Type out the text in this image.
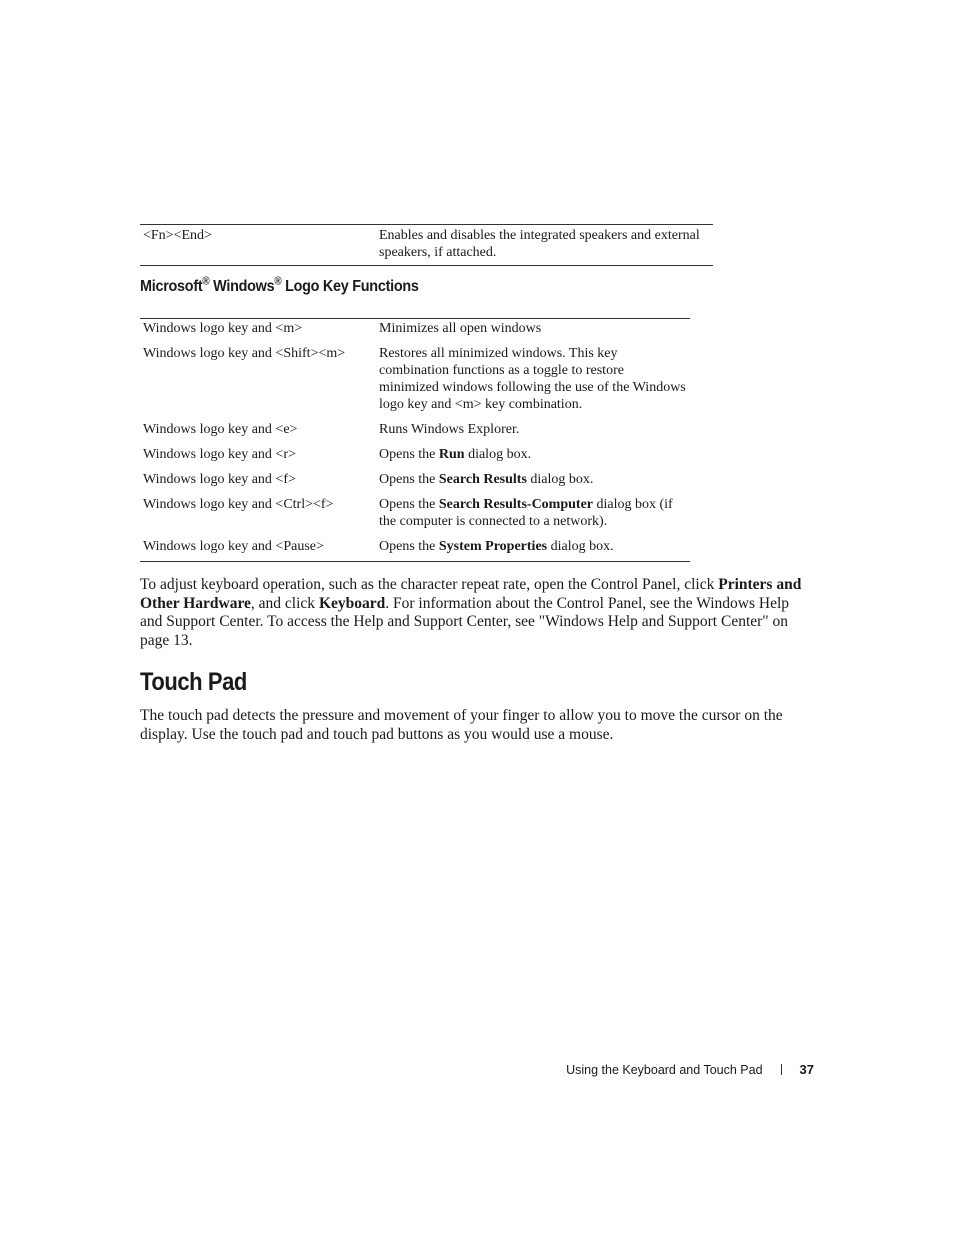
<Fn><End>	Enables and disables the integrated speakers and external speakers, if attached.
Microsoft® Windows® Logo Key Functions
Windows logo key and <m>	Minimizes all open windows
Windows logo key and <Shift><m>	Restores all minimized windows. This key combination functions as a toggle to restore minimized windows following the use of the Windows logo key and <m> key combination.
Windows logo key and <e>	Runs Windows Explorer.
Windows logo key and <r>	Opens the Run dialog box.
Windows logo key and <f>	Opens the Search Results dialog box.
Windows logo key and <Ctrl><f>	Opens the Search Results-Computer dialog box (if the computer is connected to a network).
Windows logo key and <Pause>	Opens the System Properties dialog box.

To adjust keyboard operation, such as the character repeat rate, open the Control Panel, click Printers and Other Hardware, and click Keyboard. For information about the Control Panel, see the Windows Help and Support Center. To access the Help and Support Center, see "Windows Help and Support Center" on page 13.

Touch Pad

The touch pad detects the pressure and movement of your finger to allow you to move the cursor on the display. Use the touch pad and touch pad buttons as you would use a mouse.

Using the Keyboard and Touch Pad	37
